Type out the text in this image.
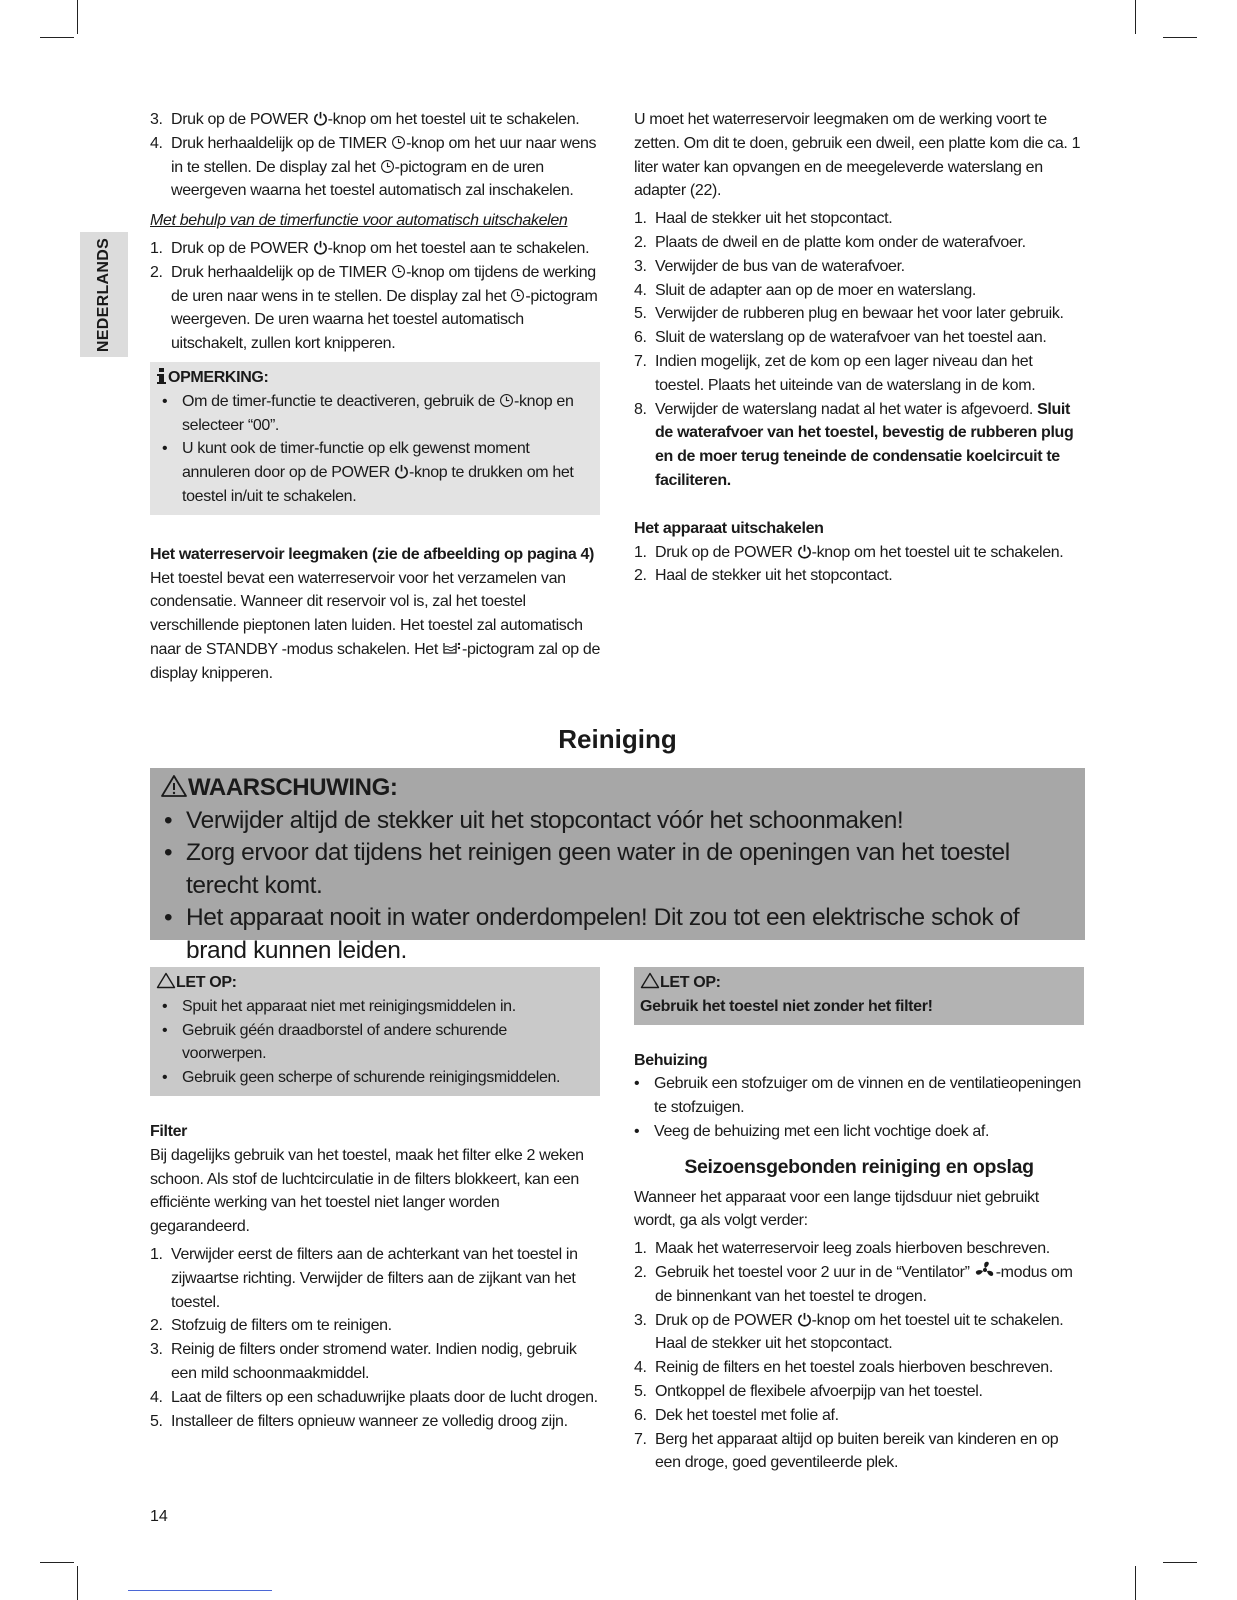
NEDERLANDS
3. Druk op de POWER -knop om het toestel uit te schakelen.
4. Druk herhaaldelijk op de TIMER -knop om het uur naar wens in te stellen. De display zal het -pictogram en de uren weergeven waarna het toestel automatisch zal inschakelen.

Met behulp van de timerfunctie voor automatisch uitschakelen

1. Druk op de POWER -knop om het toestel aan te schakelen.
2. Druk herhaaldelijk op de TIMER -knop om tijdens de werking de uren naar wens in te stellen. De display zal het -pictogram weergeven. De uren waarna het toestel automatisch uitschakelt, zullen kort knipperen.
OPMERKING:
• Om de timer-functie te deactiveren, gebruik de -knop en selecteer “00”.
• U kunt ook de timer-functie op elk gewenst moment annuleren door op de POWER -knop te drukken om het toestel in/uit te schakelen.

Het waterreservoir leegmaken (zie de afbeelding op pagina 4)

Het toestel bevat een waterreservoir voor het verzamelen van condensatie. Wanneer dit reservoir vol is, zal het toestel verschillende pieptonen laten luiden. Het toestel zal automatisch naar de STANDBY -modus schakelen. Het -pictogram zal op de display knipperen.

U moet het waterreservoir leegmaken om de werking voort te zetten. Om dit te doen, gebruik een dweil, een platte kom die ca. 1 liter water kan opvangen en de meegeleverde waterslang en adapter (22).

1. Haal de stekker uit het stopcontact.
2. Plaats de dweil en de platte kom onder de waterafvoer.
3. Verwijder de bus van de waterafvoer.
4. Sluit de adapter aan op de moer en waterslang.
5. Verwijder de rubberen plug en bewaar het voor later gebruik.
6. Sluit de waterslang op de waterafvoer van het toestel aan.
7. Indien mogelijk, zet de kom op een lager niveau dan het toestel. Plaats het uiteinde van de waterslang in de kom.
8. Verwijder de waterslang nadat al het water is afgevoerd. Sluit de waterafvoer van het toestel, bevestig de rubberen plug en de moer terug teneinde de condensatie koelcircuit te faciliteren.

Het apparaat uitschakelen

1. Druk op de POWER -knop om het toestel uit te schakelen.
2. Haal de stekker uit het stopcontact.
Reiniging
WAARSCHUWING:
• Verwijder altijd de stekker uit het stopcontact vóór het schoonmaken!
• Zorg ervoor dat tijdens het reinigen geen water in de openingen van het toestel terecht komt.
• Het apparaat nooit in water onderdompelen! Dit zou tot een elektrische schok of brand kunnen leiden.
LET OP:
• Spuit het apparaat niet met reinigingsmiddelen in.
• Gebruik géén draadborstel of andere schurende voorwerpen.
• Gebruik geen scherpe of schurende reinigingsmiddelen.

Filter

Bij dagelijks gebruik van het toestel, maak het filter elke 2 weken schoon. Als stof de luchtcirculatie in de filters blokkeert, kan een efficiënte werking van het toestel niet langer worden gegarandeerd.

1. Verwijder eerst de filters aan de achterkant van het toestel in zijwaartse richting. Verwijder de filters aan de zijkant van het toestel.
2. Stofzuig de filters om te reinigen.
3. Reinig de filters onder stromend water. Indien nodig, gebruik een mild schoonmaakmiddel.
4. Laat de filters op een schaduwrijke plaats door de lucht drogen.
5. Installeer de filters opnieuw wanneer ze volledig droog zijn.
LET OP:

Gebruik het toestel niet zonder het filter!

Behuizing

• Gebruik een stofzuiger om de vinnen en de ventilatieopeningen te stofzuigen.
• Veeg de behuizing met een licht vochtige doek af.
Seizoensgebonden reiniging en opslag

Wanneer het apparaat voor een lange tijdsduur niet gebruikt wordt, ga als volgt verder:

1. Maak het waterreservoir leeg zoals hierboven beschreven.
2. Gebruik het toestel voor 2 uur in de “Ventilator” -modus om de binnenkant van het toestel te drogen.
3. Druk op de POWER -knop om het toestel uit te schakelen. Haal de stekker uit het stopcontact.
4. Reinig de filters en het toestel zoals hierboven beschreven.
5. Ontkoppel de flexibele afvoerpijp van het toestel.
6. Dek het toestel met folie af.
7. Berg het apparaat altijd op buiten bereik van kinderen en op een droge, goed geventileerde plek.
14
